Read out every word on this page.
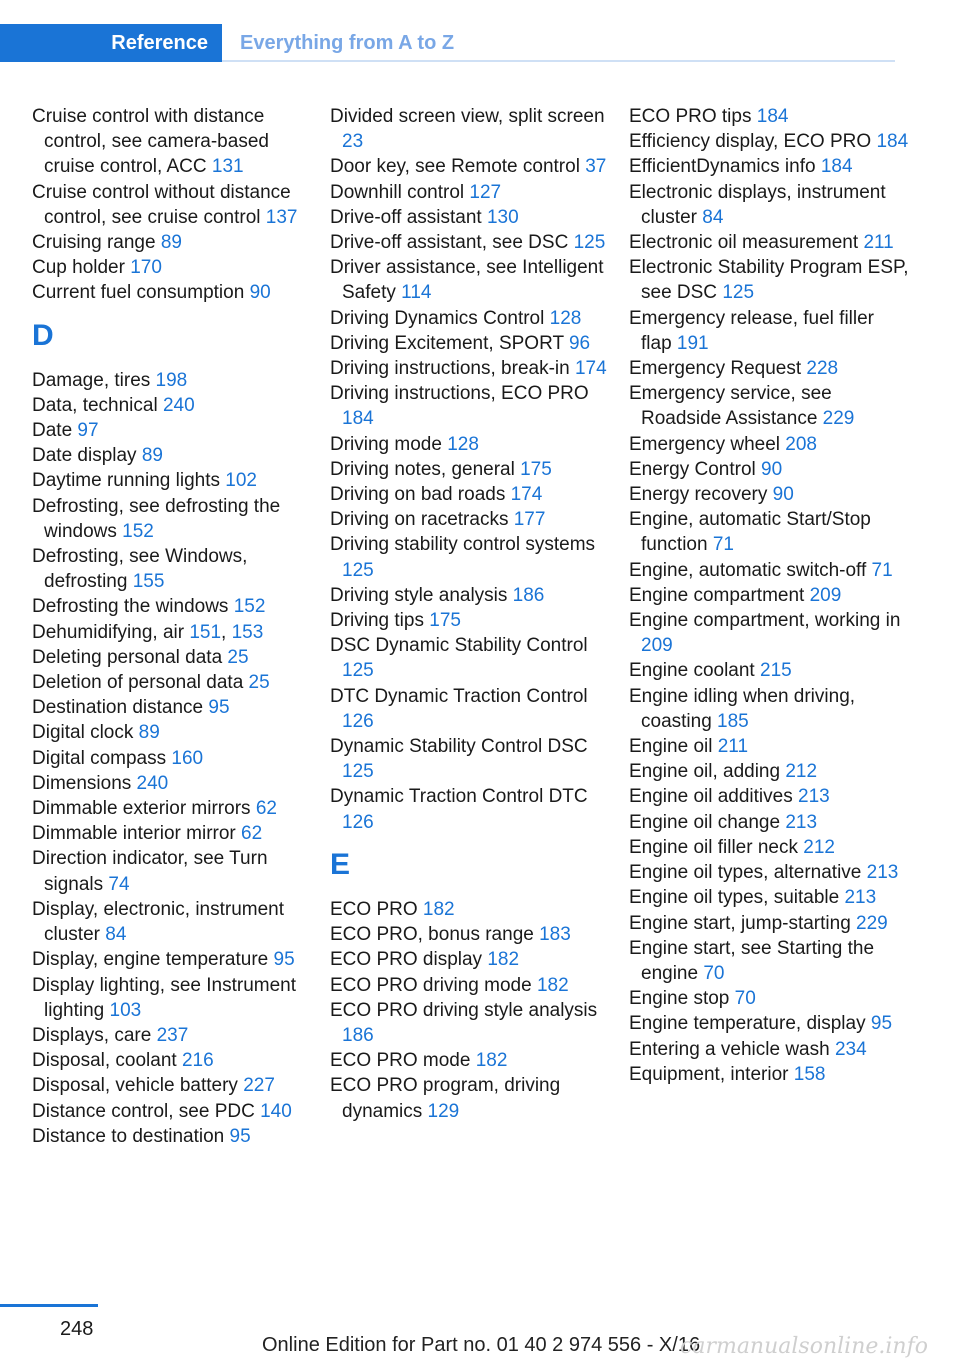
Reference	Everything from A to Z
Cruise control with distance control, see camera-based cruise control, ACC 131
Cruise control without distance control, see cruise control 137
Cruising range 89
Cup holder 170
Current fuel consumption 90
D
Damage, tires 198
Data, technical 240
Date 97
Date display 89
Daytime running lights 102
Defrosting, see defrosting the windows 152
Defrosting, see Windows, defrosting 155
Defrosting the windows 152
Dehumidifying, air 151, 153
Deleting personal data 25
Deletion of personal data 25
Destination distance 95
Digital clock 89
Digital compass 160
Dimensions 240
Dimmable exterior mirrors 62
Dimmable interior mirror 62
Direction indicator, see Turn signals 74
Display, electronic, instrument cluster 84
Display, engine temperature 95
Display lighting, see Instrument lighting 103
Displays, care 237
Disposal, coolant 216
Disposal, vehicle battery 227
Distance control, see PDC 140
Distance to destination 95
Divided screen view, split screen 23
Door key, see Remote control 37
Downhill control 127
Drive-off assistant 130
Drive-off assistant, see DSC 125
Driver assistance, see Intelligent Safety 114
Driving Dynamics Control 128
Driving Excitement, SPORT 96
Driving instructions, break-in 174
Driving instructions, ECO PRO 184
Driving mode 128
Driving notes, general 175
Driving on bad roads 174
Driving on racetracks 177
Driving stability control systems 125
Driving style analysis 186
Driving tips 175
DSC Dynamic Stability Control 125
DTC Dynamic Traction Control 126
Dynamic Stability Control DSC 125
Dynamic Traction Control DTC 126
E
ECO PRO 182
ECO PRO, bonus range 183
ECO PRO display 182
ECO PRO driving mode 182
ECO PRO driving style analysis 186
ECO PRO mode 182
ECO PRO program, driving dynamics 129
ECO PRO tips 184
Efficiency display, ECO PRO 184
EfficientDynamics info 184
Electronic displays, instrument cluster 84
Electronic oil measurement 211
Electronic Stability Program ESP, see DSC 125
Emergency release, fuel filler flap 191
Emergency Request 228
Emergency service, see Roadside Assistance 229
Emergency wheel 208
Energy Control 90
Energy recovery 90
Engine, automatic Start/Stop function 71
Engine, automatic switch-off 71
Engine compartment 209
Engine compartment, working in 209
Engine coolant 215
Engine idling when driving, coasting 185
Engine oil 211
Engine oil, adding 212
Engine oil additives 213
Engine oil change 213
Engine oil filler neck 212
Engine oil types, alternative 213
Engine oil types, suitable 213
Engine start, jump-starting 229
Engine start, see Starting the engine 70
Engine stop 70
Engine temperature, display 95
Entering a vehicle wash 234
Equipment, interior 158
248
Online Edition for Part no. 01 40 2 974 556 - X/16
carmanualsonline.info
